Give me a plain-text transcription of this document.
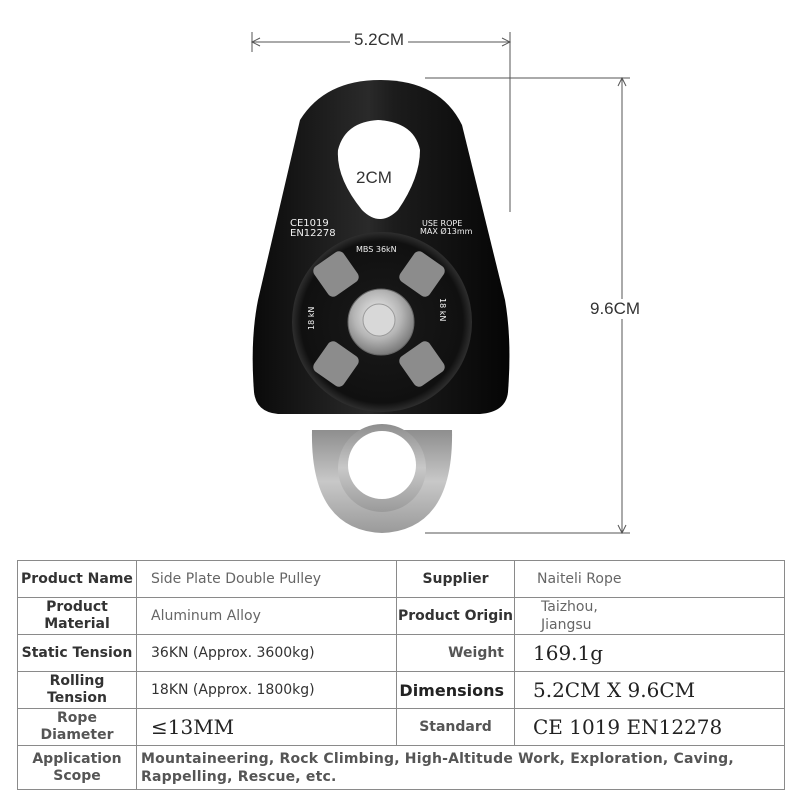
CE1019
EN12278
USE ROPE
MAX Ø13mm
MBS 36kN
18 kN	18 kN
5.2CM
2CM
9.6CM
Product Name	Side Plate Double Pulley	Supplier	Naiteli Rope
Product Material	Aluminum Alloy	Product Origin	Taizhou, Jiangsu

Static Tension	36KN (Approx. 3600kg)	Weight	169.1g
Rolling Tension	18KN (Approx. 1800kg)	Dimensions	5.2CM X 9.6CM
Rope Diameter	≤13MM	Standard	CE 1019 EN12278
Application Scope	Mountaineering, Rock Climbing, High-Altitude Work, Exploration, Caving, Rappelling, Rescue, etc.		
